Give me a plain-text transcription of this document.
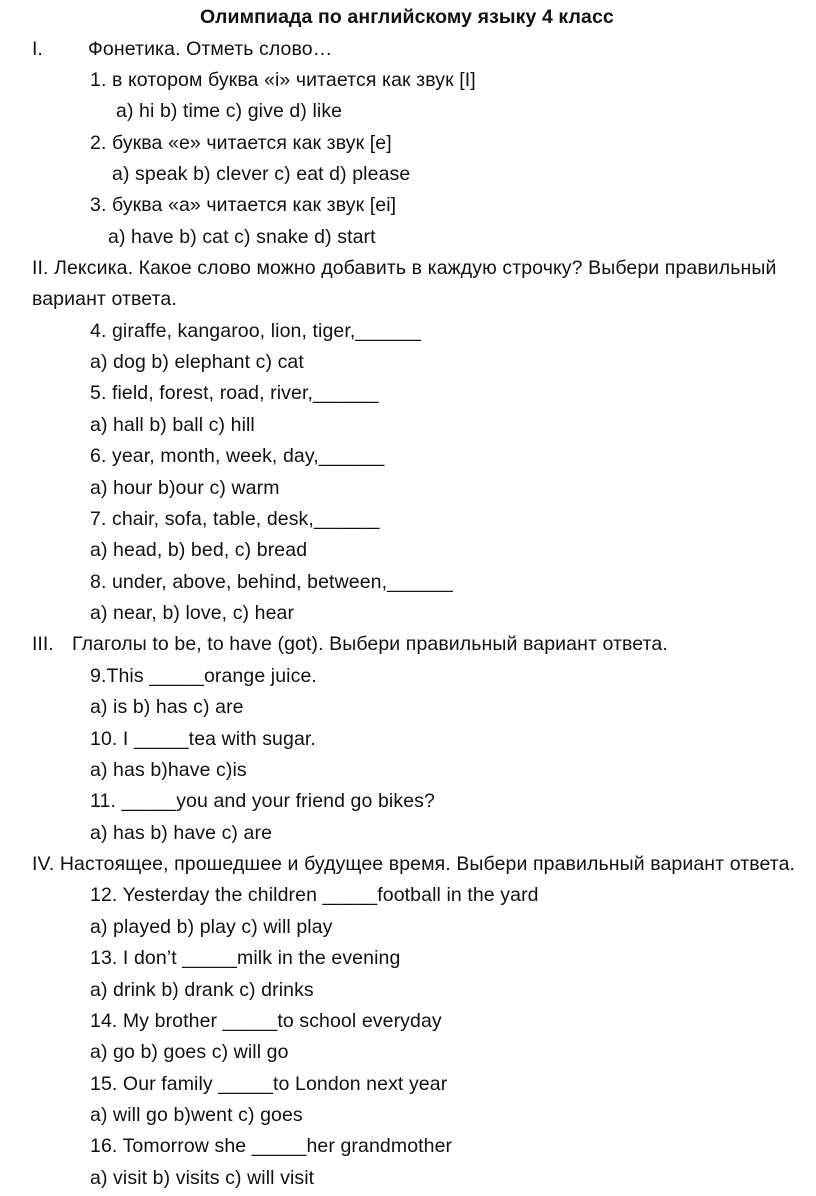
Олимпиада по английскому языку 4 класс
I. Фонетика. Отметь слово…
1. в котором буква «i» читается как звук [I]
a) hi b) time c) give d) like
2. буква «е» читается как звук [e]
a) speak b) clever c) eat d) please
3. буква «а» читается как звук [ei]
a) have b) cat c) snake d) start
II. Лексика. Какое слово можно добавить в каждую строчку? Выбери правильный
вариант ответа.
4. giraffe, kangaroo, lion, tiger,______
a) dog b) elephant c) cat
5. field, forest, road, river,______
a) hall b) ball c) hill
6. year, month, week, day,______
a) hour b)our c) warm
7. chair, sofa, table, desk,______
a) head, b) bed, c) bread
8. under, above, behind, between,______
a) near, b) love, c) hear
III. Глаголы to be, to have (got). Выбери правильный вариант ответа.
9.This _____orange juice.
a) is b) has c) are
10. I _____tea with sugar.
a) has b)have c)is
11. _____you and your friend go bikes?
a) has b) have c) are
IV. Настоящее, прошедшее и будущее время. Выбери правильный вариант ответа.
12. Yesterday the children _____football in the yard
a) played b) play c) will play
13. I don’t _____milk in the evening
a) drink b) drank c) drinks
14. My brother _____to school everyday
a) go b) goes c) will go
15. Our family _____to London next year
a) will go b)went c) goes
16. Tomorrow she _____her grandmother
a) visit b) visits c) will visit
